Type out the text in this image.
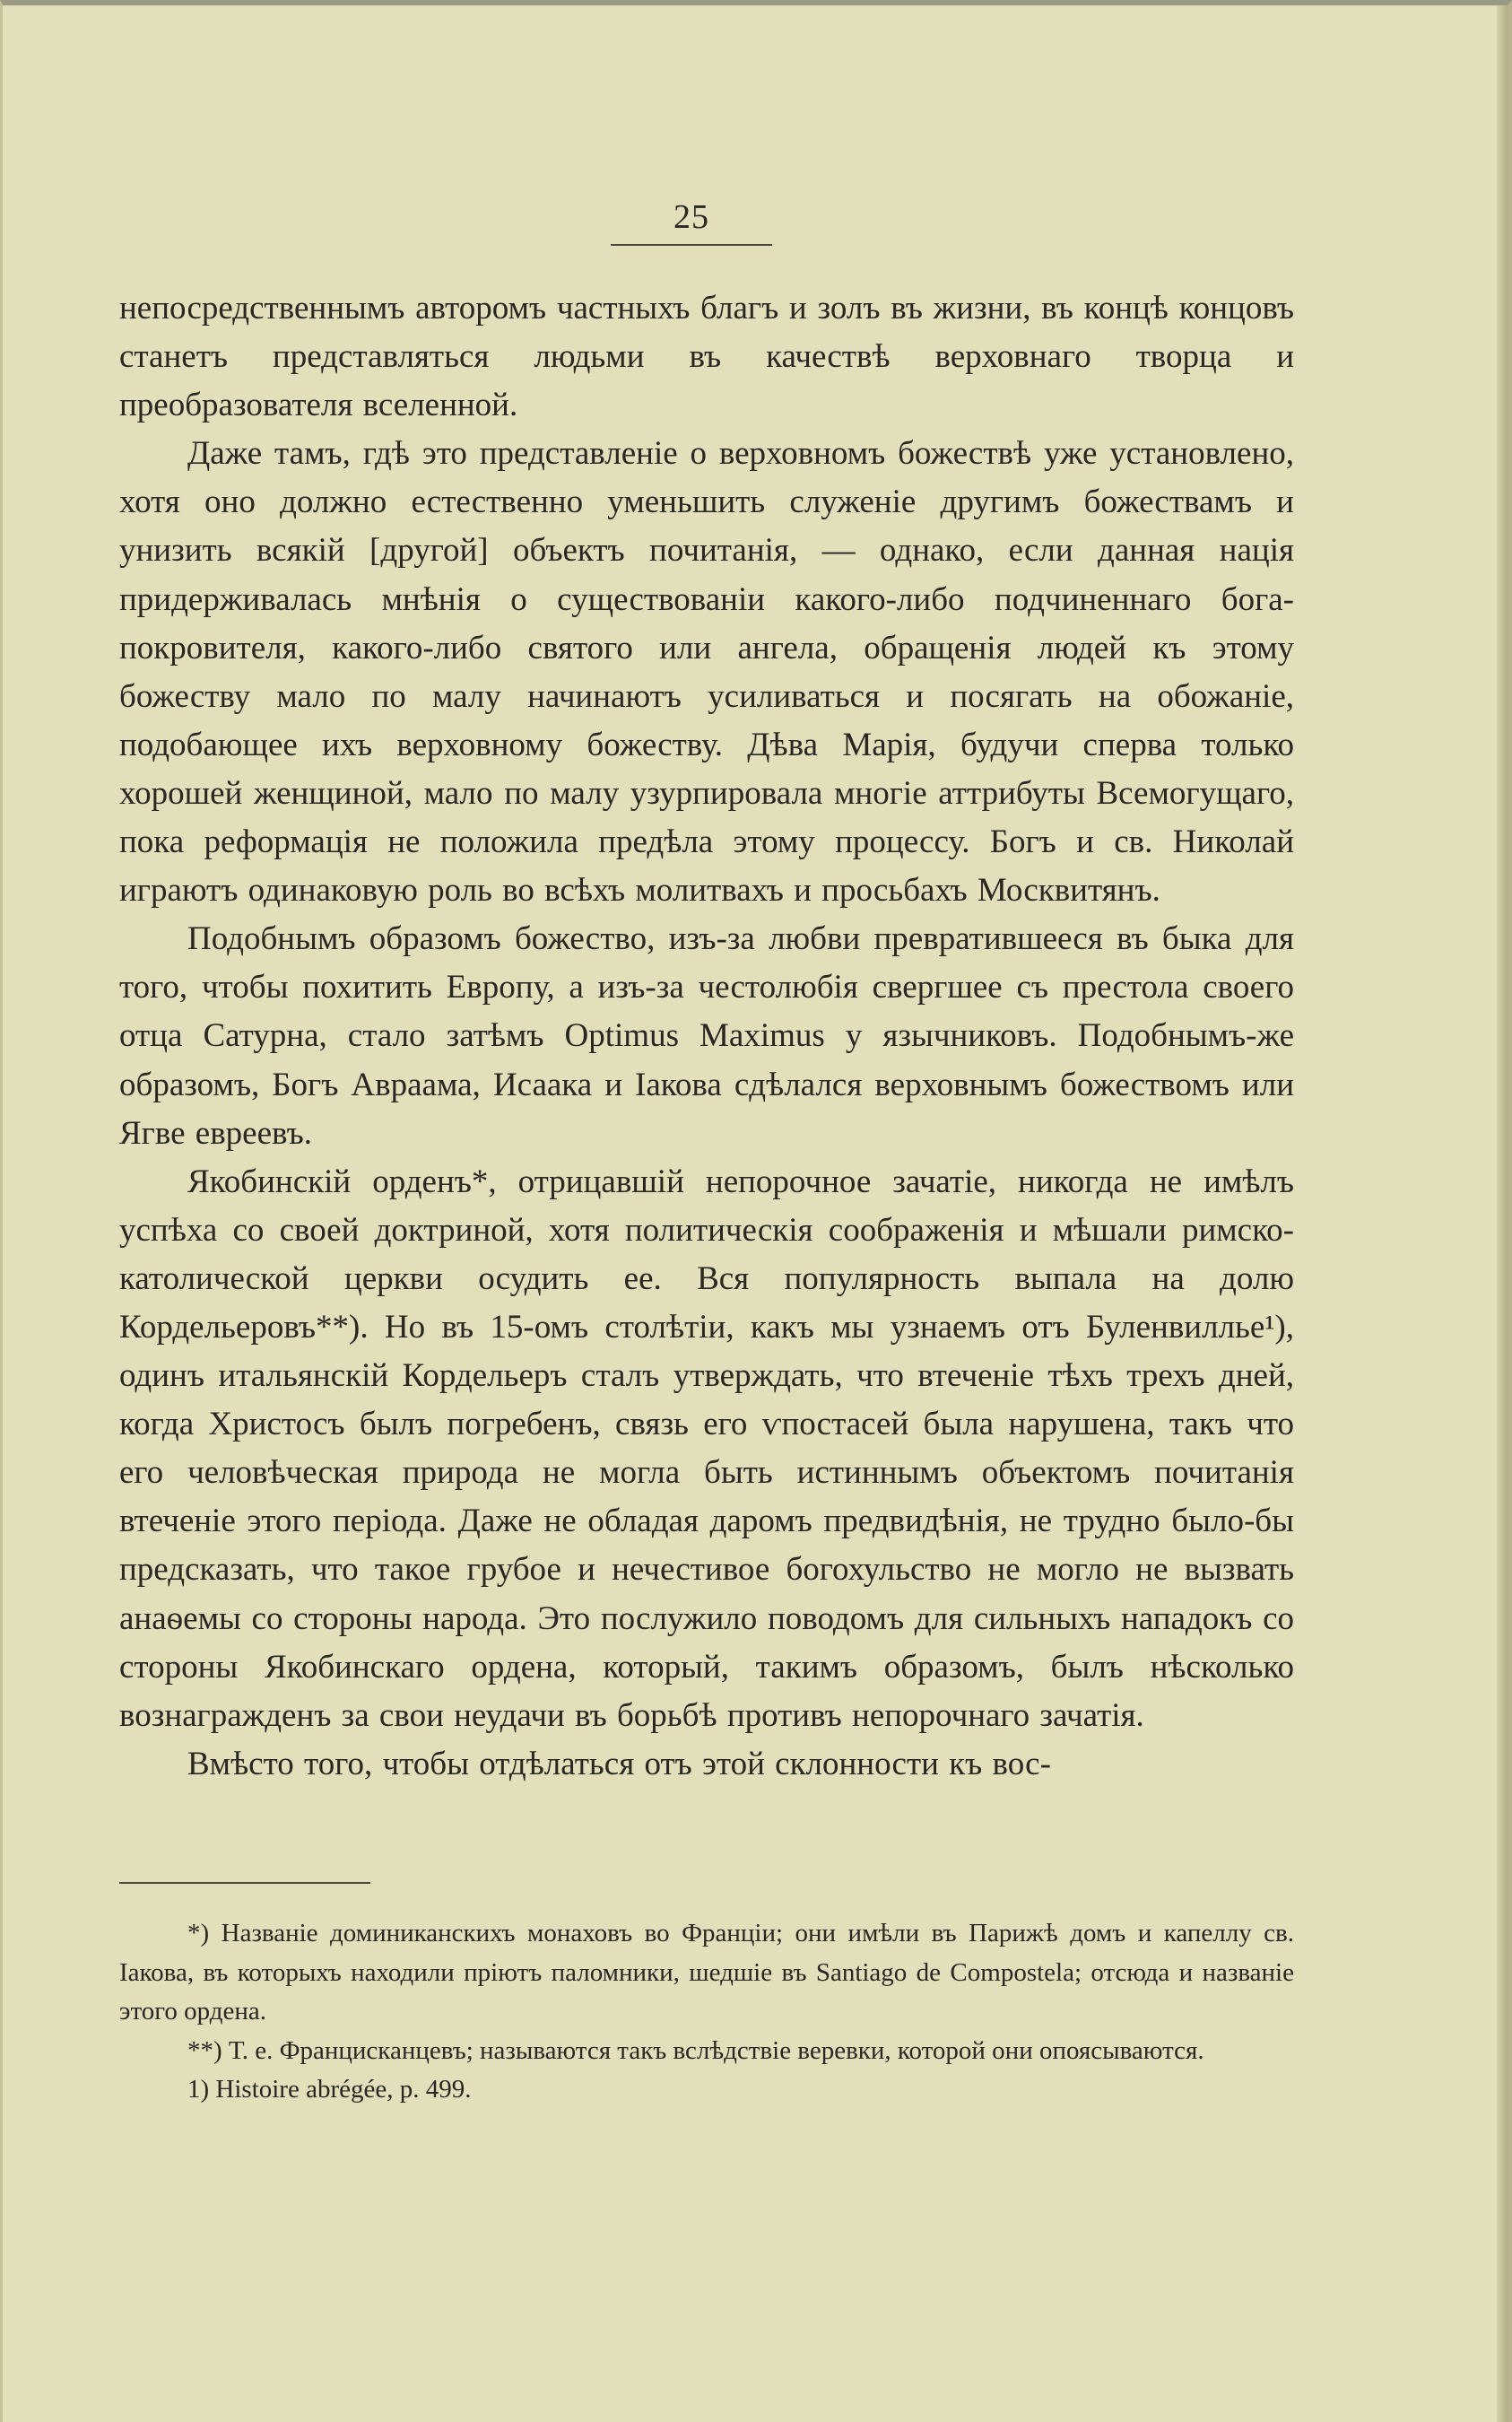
25

непосредственнымъ авторомъ частныхъ благъ и золъ въ жизни, въ концѣ концовъ станетъ представляться людьми въ качествѣ верховнаго творца и преобразователя вселенной.

Даже тамъ, гдѣ это представленіе о верховномъ божествѣ уже установлено, хотя оно должно естественно уменьшить служеніе другимъ божествамъ и унизить всякій [другой] объектъ почитанія, — однако, если данная нація придерживалась мнѣнія о существованіи какого-либо подчиненнаго бога-покровителя, какого-либо святого или ангела, обращенія людей къ этому божеству мало по малу начинаютъ усиливаться и посягать на обожаніе, подобающее ихъ верховному божеству. Дѣва Марія, будучи сперва только хорошей женщиной, мало по малу узурпировала многіе аттрибуты Всемогущаго, пока реформація не положила предѣла этому процессу. Богъ и св. Николай играютъ одинаковую роль во всѣхъ молитвахъ и просьбахъ Москвитянъ.

Подобнымъ образомъ божество, изъ-за любви превратившееся въ быка для того, чтобы похитить Европу, а изъ-за честолюбія свергшее съ престола своего отца Сатурна, стало затѣмъ Optimus Maximus у язычниковъ. Подобнымъ-же образомъ, Богъ Авраама, Исаака и Іакова сдѣлался верховнымъ божествомъ или Ягве евреевъ.

Якобинскій орденъ*, отрицавшій непорочное зачатіе, никогда не имѣлъ успѣха со своей доктриной, хотя политическія соображенія и мѣшали римско-католической церкви осудить ее. Вся популярность выпала на долю Кордельеровъ**). Но въ 15-омъ столѣтіи, какъ мы узнаемъ отъ Буленвилльe¹), одинъ итальянскій Кордельеръ сталъ утверждать, что втеченіе тѣхъ трехъ дней, когда Христосъ былъ погребенъ, связь его ѵпостасей была нарушена, такъ что его человѣческая природа не могла быть истиннымъ объектомъ почитанія втеченіе этого періода. Даже не обладая даромъ предвидѣнія, не трудно было-бы предсказать, что такое грубое и нечестивое богохульство не могло не вызвать анаѳемы со стороны народа. Это послужило поводомъ для сильныхъ нападокъ со стороны Якобинскаго ордена, который, такимъ образомъ, былъ нѣсколько вознагражденъ за свои неудачи въ борьбѣ противъ непорочнаго зачатія.

Вмѣсто того, чтобы отдѣлаться отъ этой склонности къ вос-

*) Названіе доминиканскихъ монаховъ во Франціи; они имѣли въ Парижѣ домъ и капеллу св. Іакова, въ которыхъ находили пріютъ паломники, шедшіе въ Santiago de Compostela; отсюда и названіе этого ордена.

**) Т. е. Францисканцевъ; называются такъ вслѣдствіе веревки, которой они опоясываются.

1) Histoire abrégée, p. 499.
